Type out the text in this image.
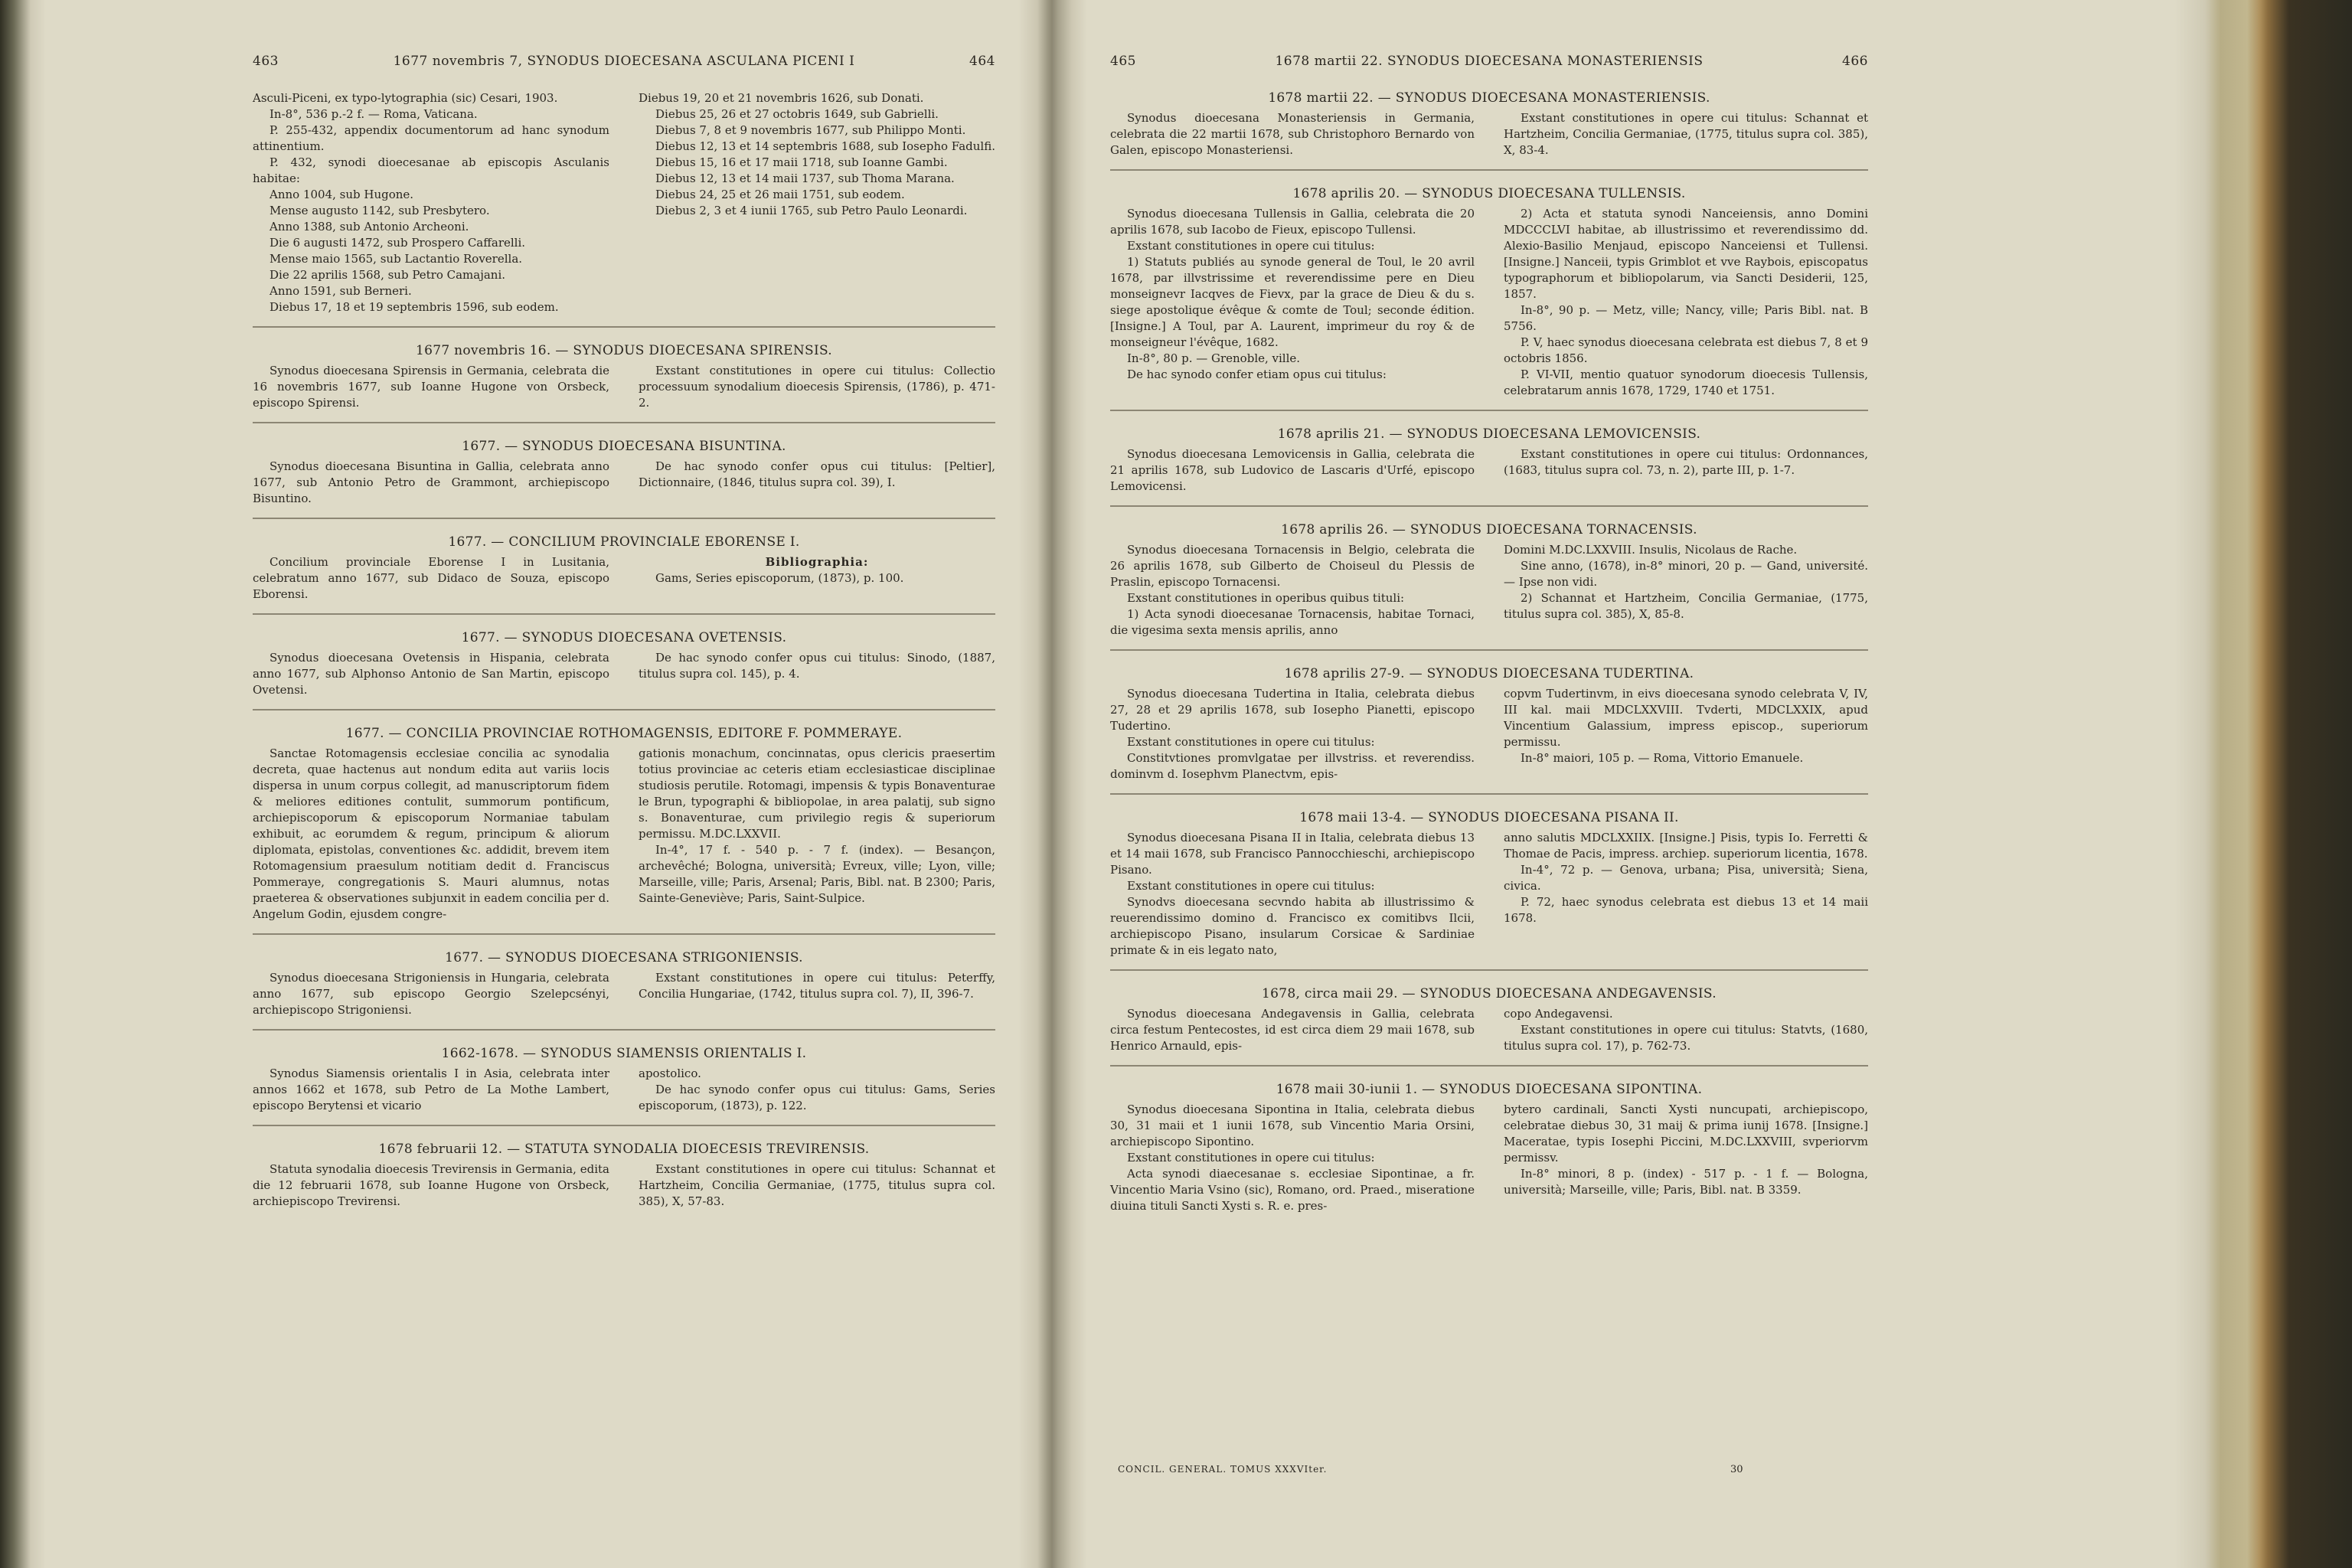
463	1677 novembris 7, SYNODUS DIOECESANA ASCULANA PICENI I	464

Asculi-Piceni, ex typo-lytographia (sic) Cesari, 1903.

In-8°, 536 p.-2 f. — Roma, Vaticana.

P. 255-432, appendix documentorum ad hanc synodum attinentium.

P. 432, synodi dioecesanae ab episcopis Asculanis habitae:

Anno 1004, sub Hugone.

Mense augusto 1142, sub Presbytero.

Anno 1388, sub Antonio Archeoni.

Die 6 augusti 1472, sub Prospero Caffarelli.

Mense maio 1565, sub Lactantio Roverella.

Die 22 aprilis 1568, sub Petro Camajani.

Anno 1591, sub Berneri.

Diebus 17, 18 et 19 septembris 1596, sub eodem.

Diebus 19, 20 et 21 novembris 1626, sub Donati.

Diebus 25, 26 et 27 octobris 1649, sub Gabrielli.

Diebus 7, 8 et 9 novembris 1677, sub Philippo Monti.

Diebus 12, 13 et 14 septembris 1688, sub Iosepho Fadulfi.

Diebus 15, 16 et 17 maii 1718, sub Ioanne Gambi.

Diebus 12, 13 et 14 maii 1737, sub Thoma Marana.

Diebus 24, 25 et 26 maii 1751, sub eodem.

Diebus 2, 3 et 4 iunii 1765, sub Petro Paulo Leonardi.

1677 novembris 16. — SYNODUS DIOECESANA SPIRENSIS.

Synodus dioecesana Spirensis in Germania, celebrata die 16 novembris 1677, sub Ioanne Hugone von Orsbeck, episcopo Spirensi.

Exstant constitutiones in opere cui titulus: Collectio processuum synodalium dioecesis Spirensis, (1786), p. 471-2.

1677. — SYNODUS DIOECESANA BISUNTINA.

Synodus dioecesana Bisuntina in Gallia, celebrata anno 1677, sub Antonio Petro de Grammont, archiepiscopo Bisuntino.

De hac synodo confer opus cui titulus: [Peltier], Dictionnaire, (1846, titulus supra col. 39), I.

1677. — CONCILIUM PROVINCIALE EBORENSE I.

Concilium provinciale Eborense I in Lusitania, celebratum anno 1677, sub Didaco de Souza, episcopo Eborensi.

Bibliographia:

Gams, Series episcoporum, (1873), p. 100.

1677. — SYNODUS DIOECESANA OVETENSIS.

Synodus dioecesana Ovetensis in Hispania, celebrata anno 1677, sub Alphonso Antonio de San Martin, episcopo Ovetensi.

De hac synodo confer opus cui titulus: Sinodo, (1887, titulus supra col. 145), p. 4.

1677. — CONCILIA PROVINCIAE ROTHOMAGENSIS, EDITORE F. POMMERAYE.

Sanctae Rotomagensis ecclesiae concilia ac synodalia decreta, quae hactenus aut nondum edita aut variis locis dispersa in unum corpus collegit, ad manuscriptorum fidem & meliores editiones contulit, summorum pontificum, archiepiscoporum & episcoporum Normaniae tabulam exhibuit, ac eorumdem & regum, principum & aliorum diplomata, epistolas, conventiones &c. addidit, brevem item Rotomagensium praesulum notitiam dedit d. Franciscus Pommeraye, congregationis S. Mauri alumnus, notas praeterea & observationes subjunxit in eadem concilia per d. Angelum Godin, ejusdem congre-

gationis monachum, concinnatas, opus clericis praesertim totius provinciae ac ceteris etiam ecclesiasticae disciplinae studiosis perutile. Rotomagi, impensis & typis Bonaventurae le Brun, typographi & bibliopolae, in area palatij, sub signo s. Bonaventurae, cum privilegio regis & superiorum permissu. M.DC.LXXVII.

In-4°, 17 f. - 540 p. - 7 f. (index). — Besançon, archevêché; Bologna, università; Evreux, ville; Lyon, ville; Marseille, ville; Paris, Arsenal; Paris, Bibl. nat. B 2300; Paris, Sainte-Geneviève; Paris, Saint-Sulpice.

1677. — SYNODUS DIOECESANA STRIGONIENSIS.

Synodus dioecesana Strigoniensis in Hungaria, celebrata anno 1677, sub episcopo Georgio Szelepcsényi, archiepiscopo Strigoniensi.

Exstant constitutiones in opere cui titulus: Peterffy, Concilia Hungariae, (1742, titulus supra col. 7), II, 396-7.

1662-1678. — SYNODUS SIAMENSIS ORIENTALIS I.

Synodus Siamensis orientalis I in Asia, celebrata inter annos 1662 et 1678, sub Petro de La Mothe Lambert, episcopo Berytensi et vicario

apostolico.

De hac synodo confer opus cui titulus: Gams, Series episcoporum, (1873), p. 122.

1678 februarii 12. — STATUTA SYNODALIA DIOECESIS TREVIRENSIS.

Statuta synodalia dioecesis Trevirensis in Germania, edita die 12 februarii 1678, sub Ioanne Hugone von Orsbeck, archiepiscopo Trevirensi.

Exstant constitutiones in opere cui titulus: Schannat et Hartzheim, Concilia Germaniae, (1775, titulus supra col. 385), X, 57-83.

465	1678 martii 22. SYNODUS DIOECESANA MONASTERIENSIS	466
1678 martii 22. — SYNODUS DIOECESANA MONASTERIENSIS.

Synodus dioecesana Monasteriensis in Germania, celebrata die 22 martii 1678, sub Christophoro Bernardo von Galen, episcopo Monasteriensi.

Exstant constitutiones in opere cui titulus: Schannat et Hartzheim, Concilia Germaniae, (1775, titulus supra col. 385), X, 83-4.

1678 aprilis 20. — SYNODUS DIOECESANA TULLENSIS.

Synodus dioecesana Tullensis in Gallia, celebrata die 20 aprilis 1678, sub Iacobo de Fieux, episcopo Tullensi.

Exstant constitutiones in opere cui titulus:

1) Statuts publiés au synode general de Toul, le 20 avril 1678, par illvstrissime et reverendissime pere en Dieu monseignevr Iacqves de Fievx, par la grace de Dieu & du s. siege apostolique évêque & comte de Toul; seconde édition. [Insigne.] A Toul, par A. Laurent, imprimeur du roy & de monseigneur l'évêque, 1682.

In-8°, 80 p. — Grenoble, ville.

De hac synodo confer etiam opus cui titulus:

2) Acta et statuta synodi Nanceiensis, anno Domini MDCCCLVI habitae, ab illustrissimo et reverendissimo dd. Alexio-Basilio Menjaud, episcopo Nanceiensi et Tullensi. [Insigne.] Nanceii, typis Grimblot et vve Raybois, episcopatus typographorum et bibliopolarum, via Sancti Desiderii, 125, 1857.

In-8°, 90 p. — Metz, ville; Nancy, ville; Paris Bibl. nat. B 5756.

P. V, haec synodus dioecesana celebrata est diebus 7, 8 et 9 octobris 1856.

P. VI-VII, mentio quatuor synodorum dioecesis Tullensis, celebratarum annis 1678, 1729, 1740 et 1751.

1678 aprilis 21. — SYNODUS DIOECESANA LEMOVICENSIS.

Synodus dioecesana Lemovicensis in Gallia, celebrata die 21 aprilis 1678, sub Ludovico de Lascaris d'Urfé, episcopo Lemovicensi.

Exstant constitutiones in opere cui titulus: Ordonnances, (1683, titulus supra col. 73, n. 2), parte III, p. 1-7.

1678 aprilis 26. — SYNODUS DIOECESANA TORNACENSIS.

Synodus dioecesana Tornacensis in Belgio, celebrata die 26 aprilis 1678, sub Gilberto de Choiseul du Plessis de Praslin, episcopo Tornacensi.

Exstant constitutiones in operibus quibus tituli:

1) Acta synodi dioecesanae Tornacensis, habitae Tornaci, die vigesima sexta mensis aprilis, anno

Domini M.DC.LXXVIII. Insulis, Nicolaus de Rache.

Sine anno, (1678), in-8° minori, 20 p. — Gand, université. — Ipse non vidi.

2) Schannat et Hartzheim, Concilia Germaniae, (1775, titulus supra col. 385), X, 85-8.

1678 aprilis 27-9. — SYNODUS DIOECESANA TUDERTINA.

Synodus dioecesana Tudertina in Italia, celebrata diebus 27, 28 et 29 aprilis 1678, sub Iosepho Pianetti, episcopo Tudertino.

Exstant constitutiones in opere cui titulus:

Constitvtiones promvlgatae per illvstriss. et reverendiss. dominvm d. Iosephvm Planectvm, epis-

copvm Tudertinvm, in eivs dioecesana synodo celebrata V, IV, III kal. maii MDCLXXVIII. Tvderti, MDCLXXIX, apud Vincentium Galassium, impress episcop., superiorum permissu.

In-8° maiori, 105 p. — Roma, Vittorio Emanuele.

1678 maii 13-4. — SYNODUS DIOECESANA PISANA II.

Synodus dioecesana Pisana II in Italia, celebrata diebus 13 et 14 maii 1678, sub Francisco Pannocchieschi, archiepiscopo Pisano.

Exstant constitutiones in opere cui titulus:

Synodvs dioecesana secvndo habita ab illustrissimo & reuerendissimo domino d. Francisco ex comitibvs Ilcii, archiepiscopo Pisano, insularum Corsicae & Sardiniae primate & in eis legato nato,

anno salutis MDCLXXIIX. [Insigne.] Pisis, typis Io. Ferretti & Thomae de Pacis, impress. archiep. superiorum licentia, 1678.

In-4°, 72 p. — Genova, urbana; Pisa, università; Siena, civica.

P. 72, haec synodus celebrata est diebus 13 et 14 maii 1678.

1678, circa maii 29. — SYNODUS DIOECESANA ANDEGAVENSIS.

Synodus dioecesana Andegavensis in Gallia, celebrata circa festum Pentecostes, id est circa diem 29 maii 1678, sub Henrico Arnauld, epis-

copo Andegavensi.

Exstant constitutiones in opere cui titulus: Statvts, (1680, titulus supra col. 17), p. 762-73.

1678 maii 30-iunii 1. — SYNODUS DIOECESANA SIPONTINA.

Synodus dioecesana Sipontina in Italia, celebrata diebus 30, 31 maii et 1 iunii 1678, sub Vincentio Maria Orsini, archiepiscopo Sipontino.

Exstant constitutiones in opere cui titulus:

Acta synodi diaecesanae s. ecclesiae Sipontinae, a fr. Vincentio Maria Vsino (sic), Romano, ord. Praed., miseratione diuina tituli Sancti Xysti s. R. e. pres-

bytero cardinali, Sancti Xysti nuncupati, archiepiscopo, celebratae diebus 30, 31 maij & prima iunij 1678. [Insigne.] Maceratae, typis Iosephi Piccini, M.DC.LXXVIII, svperiorvm permissv.

In-8° minori, 8 p. (index) - 517 p. - 1 f. — Bologna, università; Marseille, ville; Paris, Bibl. nat. B 3359.

CONCIL. GENERAL. TOMUS XXXVIter.	30
